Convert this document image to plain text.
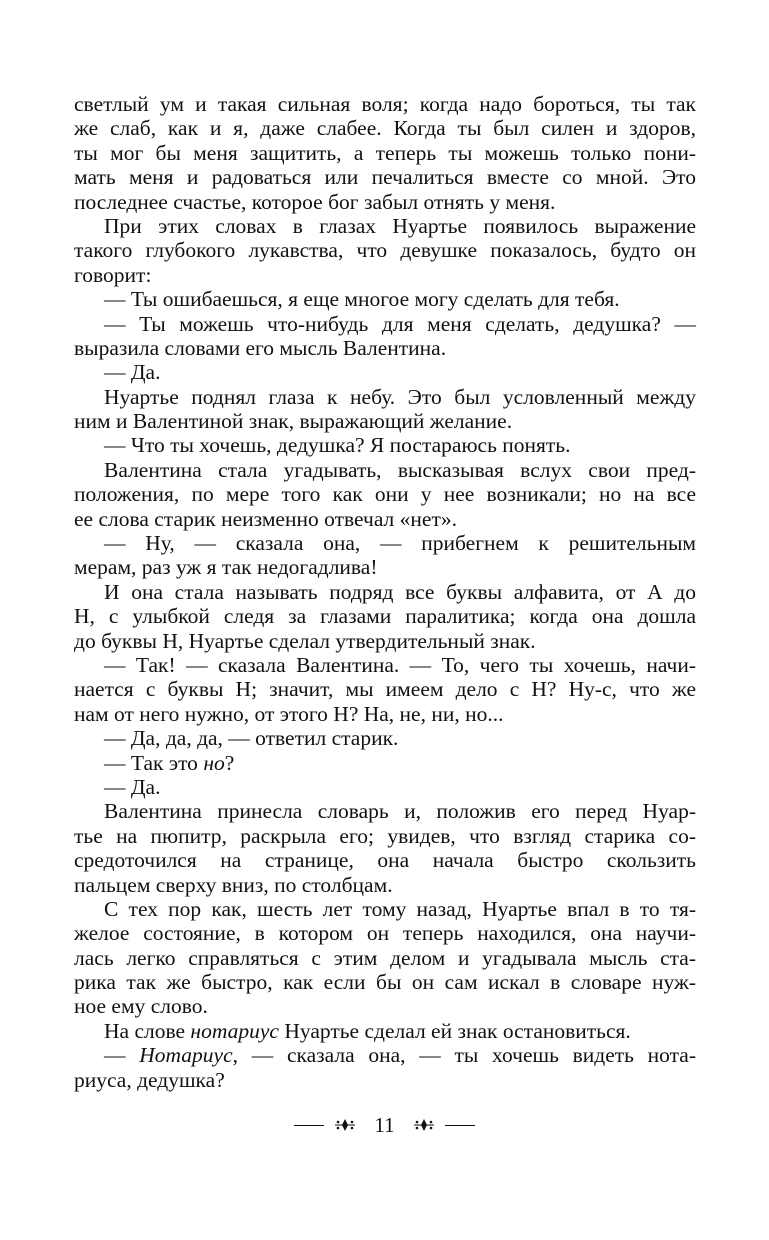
светлый ум и такая сильная воля; когда надо бороться, ты так
же слаб, как и я, даже слабее. Когда ты был силен и здоров,
ты мог бы меня защитить, а теперь ты можешь только пони-
мать меня и радоваться или печалиться вместе со мной. Это
последнее счастье, которое бог забыл отнять у меня.
При этих словах в глазах Нуартье появилось выражение
такого глубокого лукавства, что девушке показалось, будто он
говорит:
— Ты ошибаешься, я еще многое могу сделать для тебя.
— Ты можешь что-нибудь для меня сделать, дедушка? —
выразила словами его мысль Валентина.
— Да.
Нуартье поднял глаза к небу. Это был условленный между
ним и Валентиной знак, выражающий желание.
— Что ты хочешь, дедушка? Я постараюсь понять.
Валентина стала угадывать, высказывая вслух свои пред-
положения, по мере того как они у нее возникали; но на все
ее слова старик неизменно отвечал «нет».
— Ну, — сказала она, — прибегнем к решительным
мерам, раз уж я так недогадлива!
И она стала называть подряд все буквы алфавита, от А до
Н, с улыбкой следя за глазами паралитика; когда она дошла
до буквы Н, Нуартье сделал утвердительный знак.
— Так! — сказала Валентина. — То, чего ты хочешь, начи-
нается с буквы Н; значит, мы имеем дело с Н? Ну-с, что же
нам от него нужно, от этого Н? На, не, ни, но...
— Да, да, да, — ответил старик.
— Так это но?
— Да.
Валентина принесла словарь и, положив его перед Нуар-
тье на пюпитр, раскрыла его; увидев, что взгляд старика со-
средоточился на странице, она начала быстро скользить
пальцем сверху вниз, по столбцам.
С тех пор как, шесть лет тому назад, Нуартье впал в то тя-
желое состояние, в котором он теперь находился, она научи-
лась легко справляться с этим делом и угадывала мысль ста-
рика так же быстро, как если бы он сам искал в словаре нуж-
ное ему слово.
На слове нотариус Нуартье сделал ей знак остановиться.
— Нотариус, — сказала она, — ты хочешь видеть нота-
риуса, дедушка?
11
